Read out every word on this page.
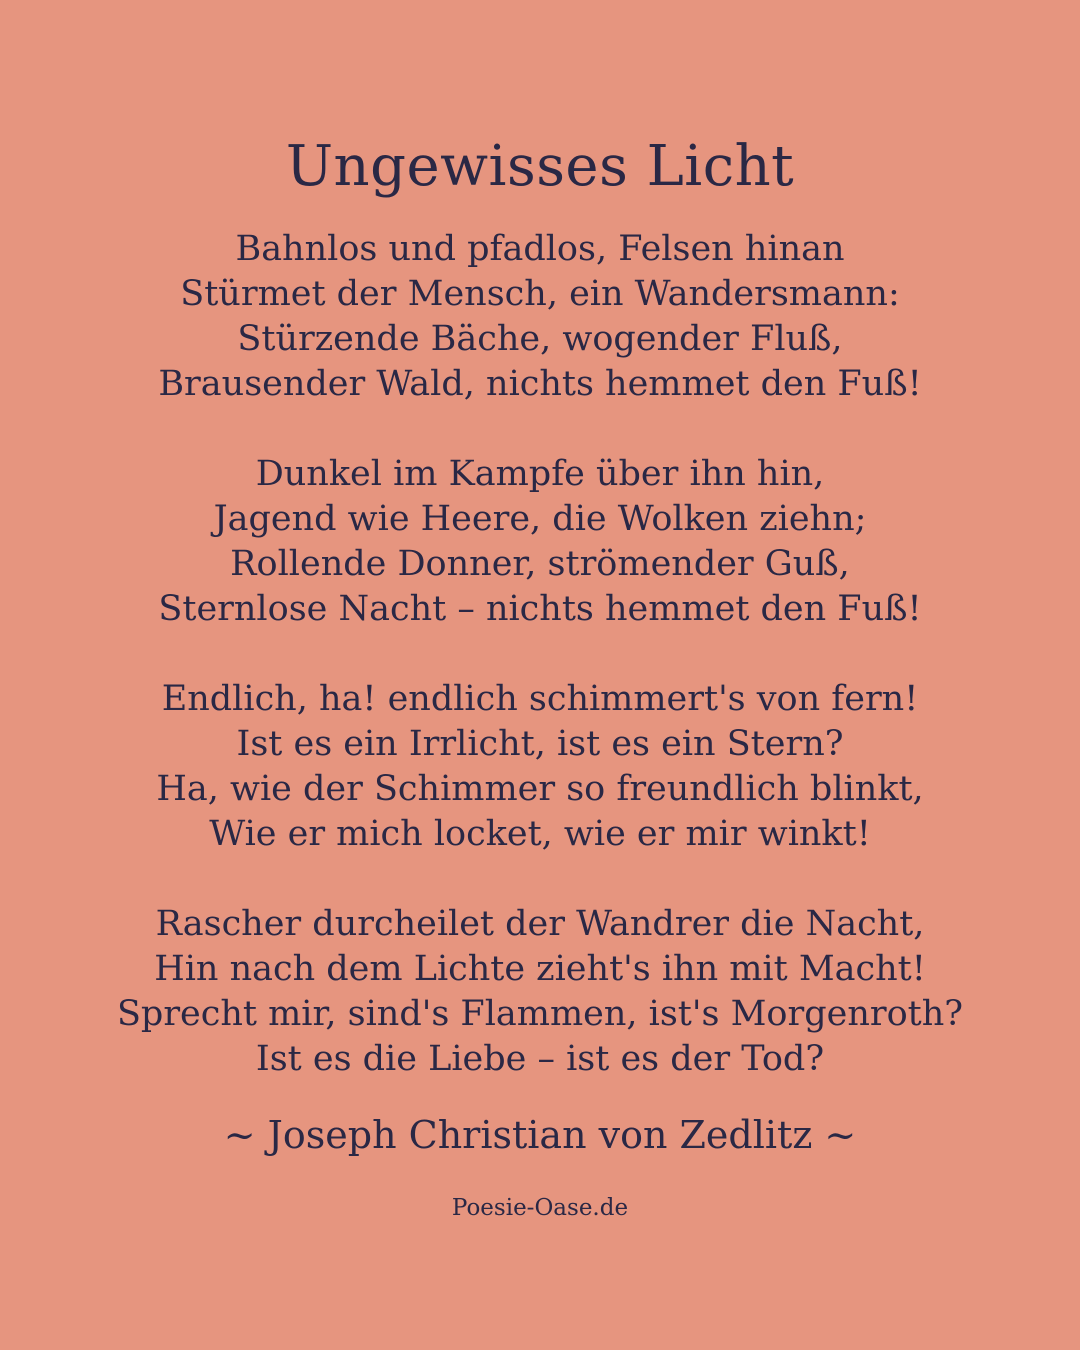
Ungewisses Licht
Bahnlos und pfadlos, Felsen hinan
Stürmet der Mensch, ein Wandersmann:
Stürzende Bäche, wogender Fluß,
Brausender Wald, nichts hemmet den Fuß!
Dunkel im Kampfe über ihn hin,
Jagend wie Heere, die Wolken ziehn;
Rollende Donner, strömender Guß,
Sternlose Nacht – nichts hemmet den Fuß!
Endlich, ha! endlich schimmert's von fern!
Ist es ein Irrlicht, ist es ein Stern?
Ha, wie der Schimmer so freundlich blinkt,
Wie er mich locket, wie er mir winkt!
Rascher durcheilet der Wandrer die Nacht,
Hin nach dem Lichte zieht's ihn mit Macht!
Sprecht mir, sind's Flammen, ist's Morgenroth?
Ist es die Liebe – ist es der Tod?
~ Joseph Christian von Zedlitz ~
Poesie-Oase.de
